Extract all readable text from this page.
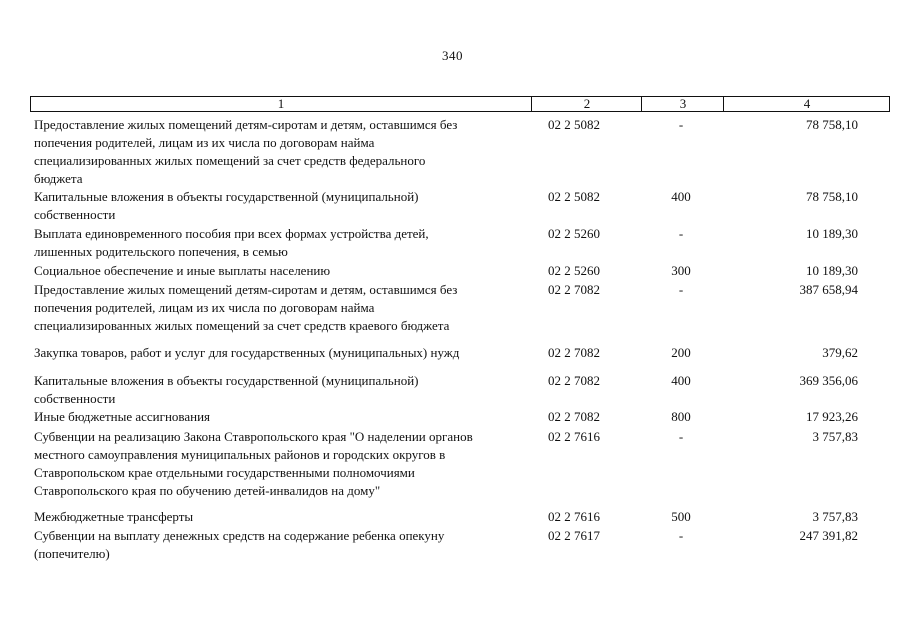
340
1	2	3	4
Предоставление жилых помещений детям-сиротам и детям, оставшимся без
попечения родителей, лицам из их числа по договорам найма
специализированных жилых помещений за счет средств федерального
бюджета
02 2 5082	-	78 758,10
Капитальные вложения в объекты государственной (муниципальной)
собственности
02 2 5082	400	78 758,10
Выплата единовременного пособия при всех формах устройства детей,
лишенных родительского попечения, в семью
02 2 5260	-	10 189,30
Социальное обеспечение и иные выплаты населению	02 2 5260	300	10 189,30
Предоставление жилых помещений детям-сиротам и детям, оставшимся без
попечения родителей, лицам из их числа по договорам найма
специализированных жилых помещений за счет средств краевого бюджета
02 2 7082	-	387 658,94
Закупка товаров, работ и услуг для государственных (муниципальных) нужд	02 2 7082	200	379,62
Капитальные вложения в объекты государственной (муниципальной)
собственности
02 2 7082	400	369 356,06
Иные бюджетные ассигнования	02 2 7082	800	17 923,26
Субвенции на реализацию Закона Ставропольского края "О наделении органов
местного самоуправления муниципальных районов и городских округов в
Ставропольском крае отдельными государственными полномочиями
Ставропольского края по обучению детей-инвалидов на дому"
02 2 7616	-	3 757,83
Межбюджетные трансферты	02 2 7616	500	3 757,83
Субвенции на выплату денежных средств на содержание ребенка опекуну
(попечителю)
02 2 7617	-	247 391,82
